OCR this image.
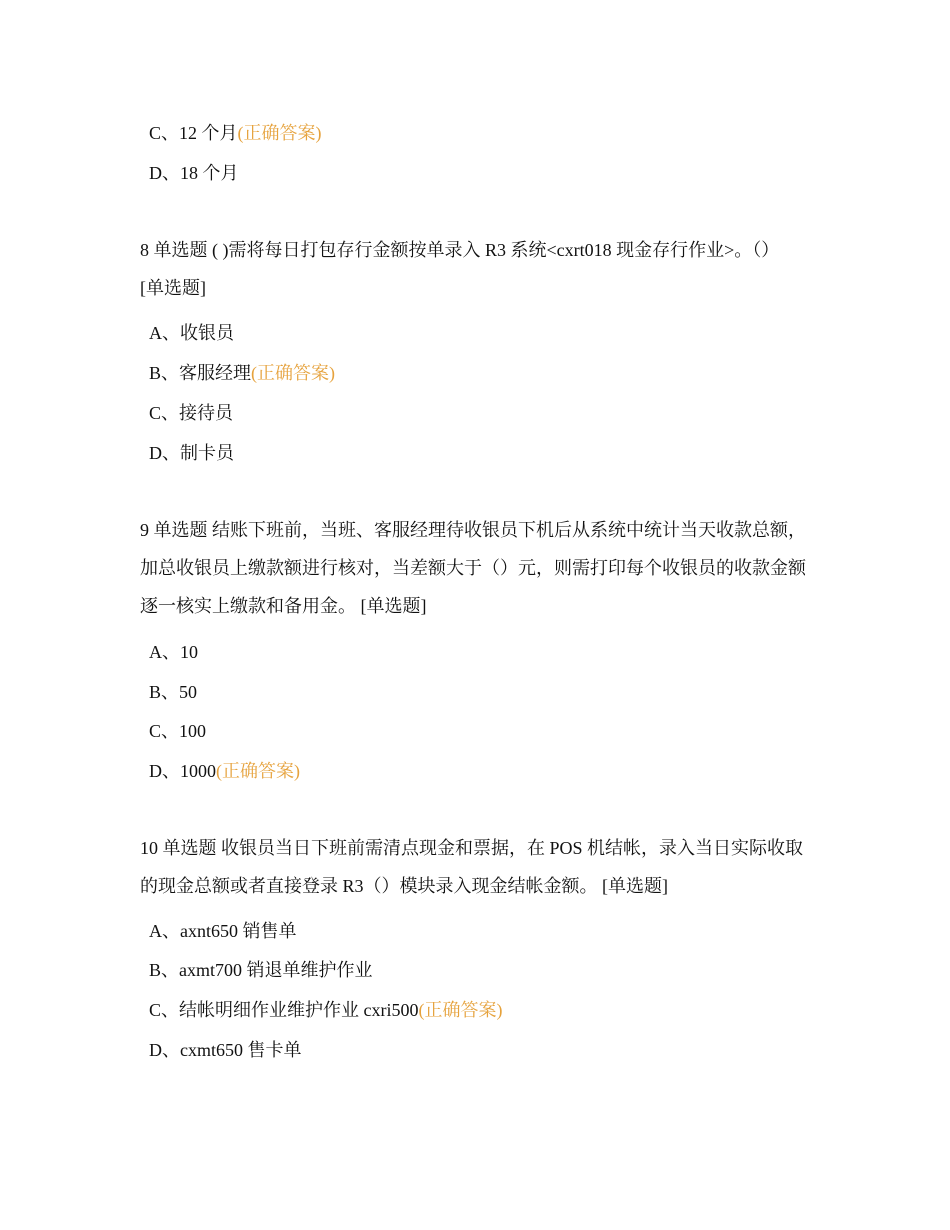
C、12 个月(正确答案)
D、18 个月
8 单选题 ( )需将每日打包存行金额按单录入 R3 系统<cxrt018 现金存行作业>。（）
[单选题]
A、收银员
B、客服经理(正确答案)
C、接待员
D、制卡员
9 单选题 结账下班前，当班、客服经理待收银员下机后从系统中统计当天收款总额，加总收银员上缴款额进行核对，当差额大于（）元，则需打印每个收银员的收款金额逐一核实上缴款和备用金。 [单选题]
A、10
B、50
C、100
D、1000(正确答案)
10 单选题 收银员当日下班前需清点现金和票据，在 POS 机结帐，录入当日实际收取的现金总额或者直接登录 R3（）模块录入现金结帐金额。 [单选题]
A、axnt650 销售单
B、axmt700 销退单维护作业
C、结帐明细作业维护作业 cxri500(正确答案)
D、cxmt650 售卡单
